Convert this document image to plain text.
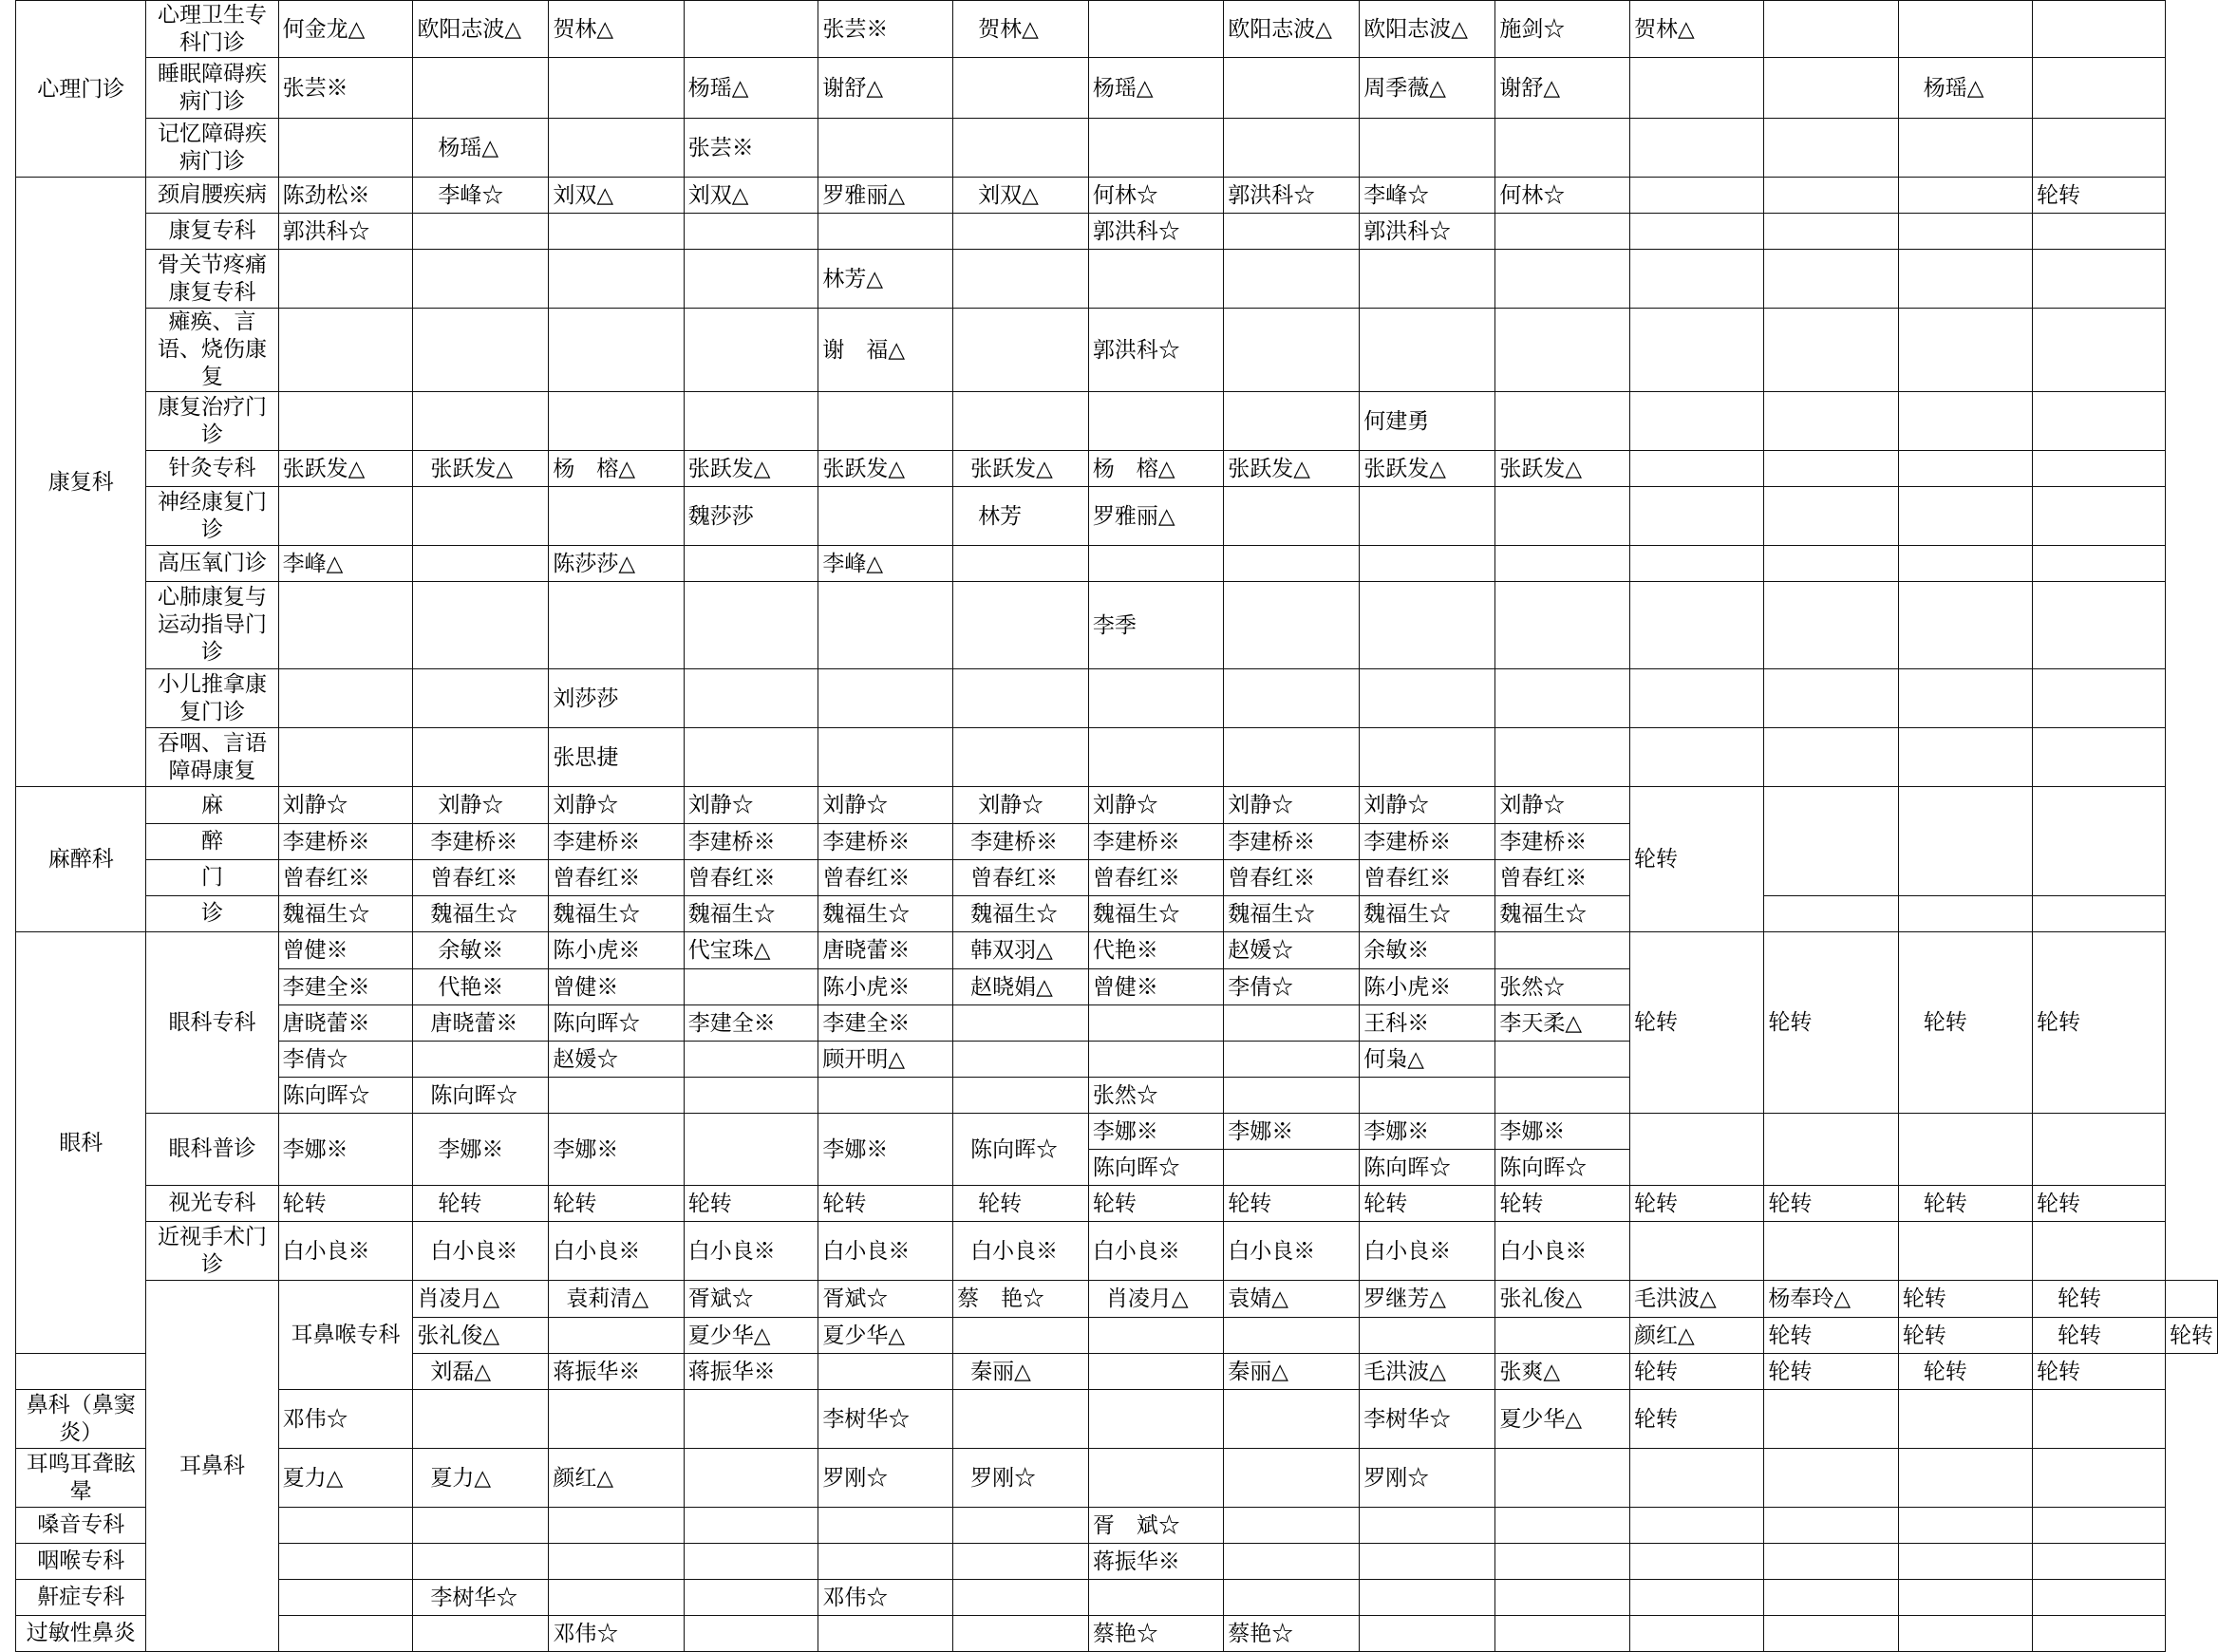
心理门诊	心理卫生专科门诊	何金龙△	欧阳志波△	贺林△		张芸※	贺林△		欧阳志波△	欧阳志波△	施剑☆	贺林△				
	睡眠障碍疾病门诊	张芸※			杨瑶△	谢舒△		杨瑶△		周季薇△	谢舒△			杨瑶△		
	记忆障碍疾病门诊		杨瑶△		张芸※											
康复科	颈肩腰疾病	陈劲松※	李峰☆	刘双△	刘双△	罗雅丽△	刘双△	何林☆	郭洪科☆	李峰☆	何林☆				轮转	
	康复专科	郭洪科☆						郭洪科☆		郭洪科☆						
	骨关节疼痛康复专科					林芳△										
	瘫痪、言语、烧伤康复					谢　福△		郭洪科☆								
	康复治疗门诊									何建勇						
	针灸专科	张跃发△	张跃发△	杨　榕△	张跃发△	张跃发△	张跃发△	杨　榕△	张跃发△	张跃发△	张跃发△					
	神经康复门诊				魏莎莎		林芳	罗雅丽△								
	高压氧门诊	李峰△		陈莎莎△		李峰△										
	心肺康复与运动指导门诊							李季								
	小儿推拿康复门诊			刘莎莎												
	吞咽、言语障碍康复			张思捷												
麻醉科	麻	刘静☆	刘静☆	刘静☆	刘静☆	刘静☆	刘静☆	刘静☆	刘静☆	刘静☆	刘静☆	轮转				
	醉	李建桥※	李建桥※	李建桥※	李建桥※	李建桥※	李建桥※	李建桥※	李建桥※	李建桥※	李建桥※					
	门	曾春红※	曾春红※	曾春红※	曾春红※	曾春红※	曾春红※	曾春红※	曾春红※	曾春红※	曾春红※					
	诊	魏福生☆	魏福生☆	魏福生☆	魏福生☆	魏福生☆	魏福生☆	魏福生☆	魏福生☆	魏福生☆	魏福生☆					
眼科	眼科专科	曾健※	余敏※	陈小虎※	代宝珠△	唐晓蕾※	韩双羽△	代艳※	赵媛☆	余敏※		轮转	轮转	轮转	轮转	
		李建全※	代艳※	曾健※		陈小虎※	赵晓娟△	曾健※	李倩☆	陈小虎※	张然☆					
		唐晓蕾※	唐晓蕾※	陈向晖☆	李建全※	李建全※				王科※	李天柔△					
		李倩☆		赵媛☆		顾开明△				何枭△						
		陈向晖☆	陈向晖☆					张然☆								
	眼科普诊	李娜※	李娜※	李娜※		李娜※	陈向晖☆	李娜※	李娜※	李娜※	李娜※					
								陈向晖☆		陈向晖☆	陈向晖☆					
	视光专科	轮转	轮转	轮转	轮转	轮转	轮转	轮转	轮转	轮转	轮转	轮转	轮转	轮转	轮转	
	近视手术门诊	白小良※	白小良※	白小良※	白小良※	白小良※	白小良※	白小良※	白小良※	白小良※	白小良※					
	耳鼻科	耳鼻喉专科	肖凌月△	袁莉清△	胥斌☆	胥斌☆	蔡　艳☆	肖凌月△	袁婧△	罗继芳△	张礼俊△	毛洪波△	杨奉玲△	轮转	轮转	
			张礼俊△		夏少华△	夏少华△						颜红△	轮转	轮转	轮转	轮转
			刘磊△	蒋振华※	蒋振华※		秦丽△		秦丽△	毛洪波△	张爽△	轮转	轮转	轮转	轮转	
鼻科（鼻窦炎）		邓伟☆				李树华☆				李树华☆	夏少华△	轮转				
耳鸣耳聋眩晕		夏力△	夏力△	颜红△		罗刚☆	罗刚☆			罗刚☆						
嗓音专科								胥　斌☆								
咽喉专科								蒋振华※								
鼾症专科			李树华☆			邓伟☆										
过敏性鼻炎				邓伟☆				蔡艳☆	蔡艳☆							
